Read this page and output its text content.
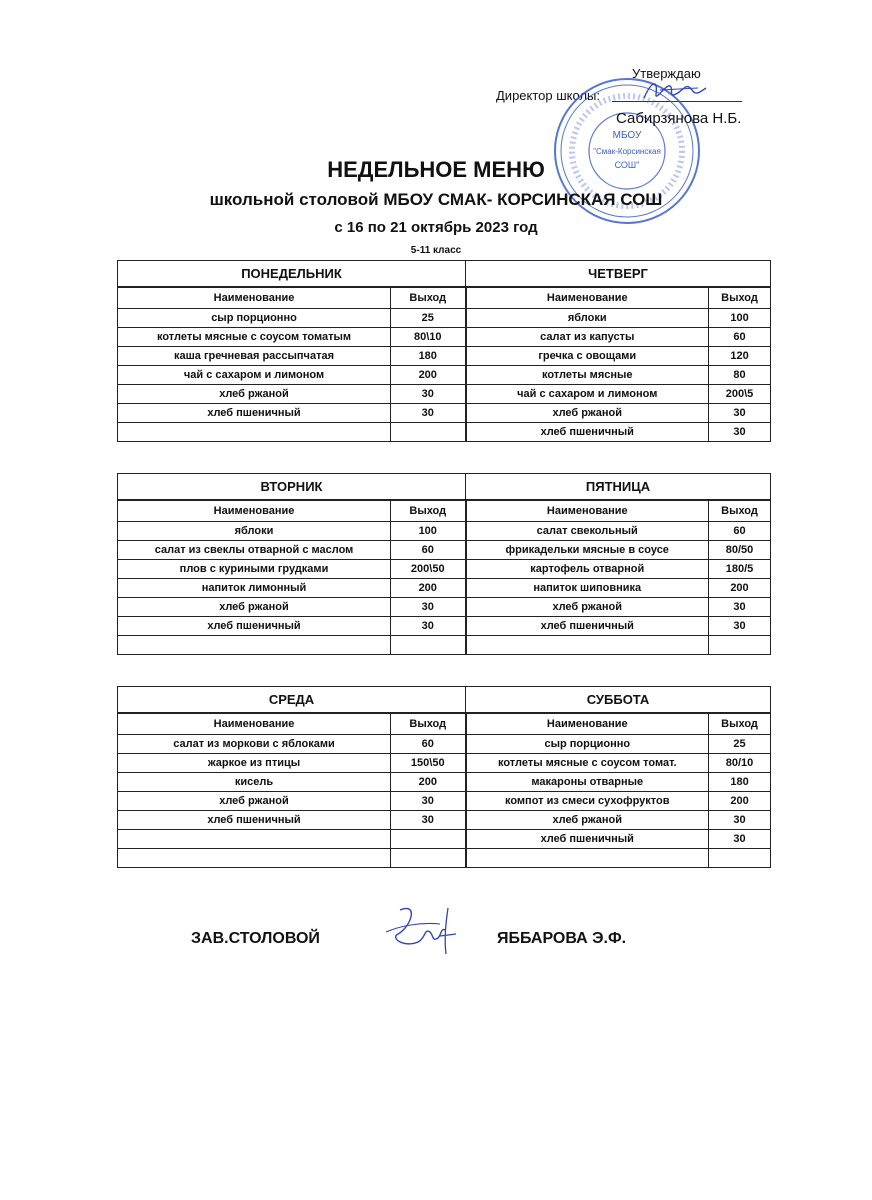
Утверждаю
Директор школы:
МБОУ
"Смак-Корсинская
СОШ"
Сабирзянова Н.Б.
НЕДЕЛЬНОЕ МЕНЮ
школьной столовой МБОУ СМАК- КОРСИНСКАЯ СОШ
с 16 по 21 октябрь 2023 год
5-11 класс
ПОНЕДЕЛЬНИК		ЧЕТВЕРГ	
Наименование	Выход	Наименование	Выход
сыр порционно	25	яблоки	100
котлеты мясные с соусом томатым	80\10	салат из капусты	60
каша гречневая рассыпчатая	180	гречка с овощами	120
чай с сахаром и лимоном	200	котлеты мясные	80
хлеб ржаной	30	чай с сахаром и лимоном	200\5
хлеб пшеничный	30	хлеб ржаной	30
		хлеб пшеничный	30
ВТОРНИК		ПЯТНИЦА	
Наименование	Выход	Наименование	Выход
яблоки	100	салат свекольный	60
салат из свеклы отварной с маслом	60	фрикадельки мясные в соусе	80/50
плов с куриными грудками	200\50	картофель отварной	180/5
напиток лимонный	200	напиток шиповника	200
хлеб ржаной	30	хлеб ржаной	30
хлеб пшеничный	30	хлеб пшеничный	30

СРЕДА		СУББОТА	
Наименование	Выход	Наименование	Выход
салат из моркови с яблоками	60	сыр порционно	25
жаркое из птицы	150\50	котлеты мясные с соусом томат.	80/10
кисель	200	макароны отварные	180
хлеб ржаной	30	компот из смеси сухофруктов	200
хлеб пшеничный	30	хлеб ржаной	30
		хлеб пшеничный	30

ЗАВ.СТОЛОВОЙ	ЯББАРОВА Э.Ф.
